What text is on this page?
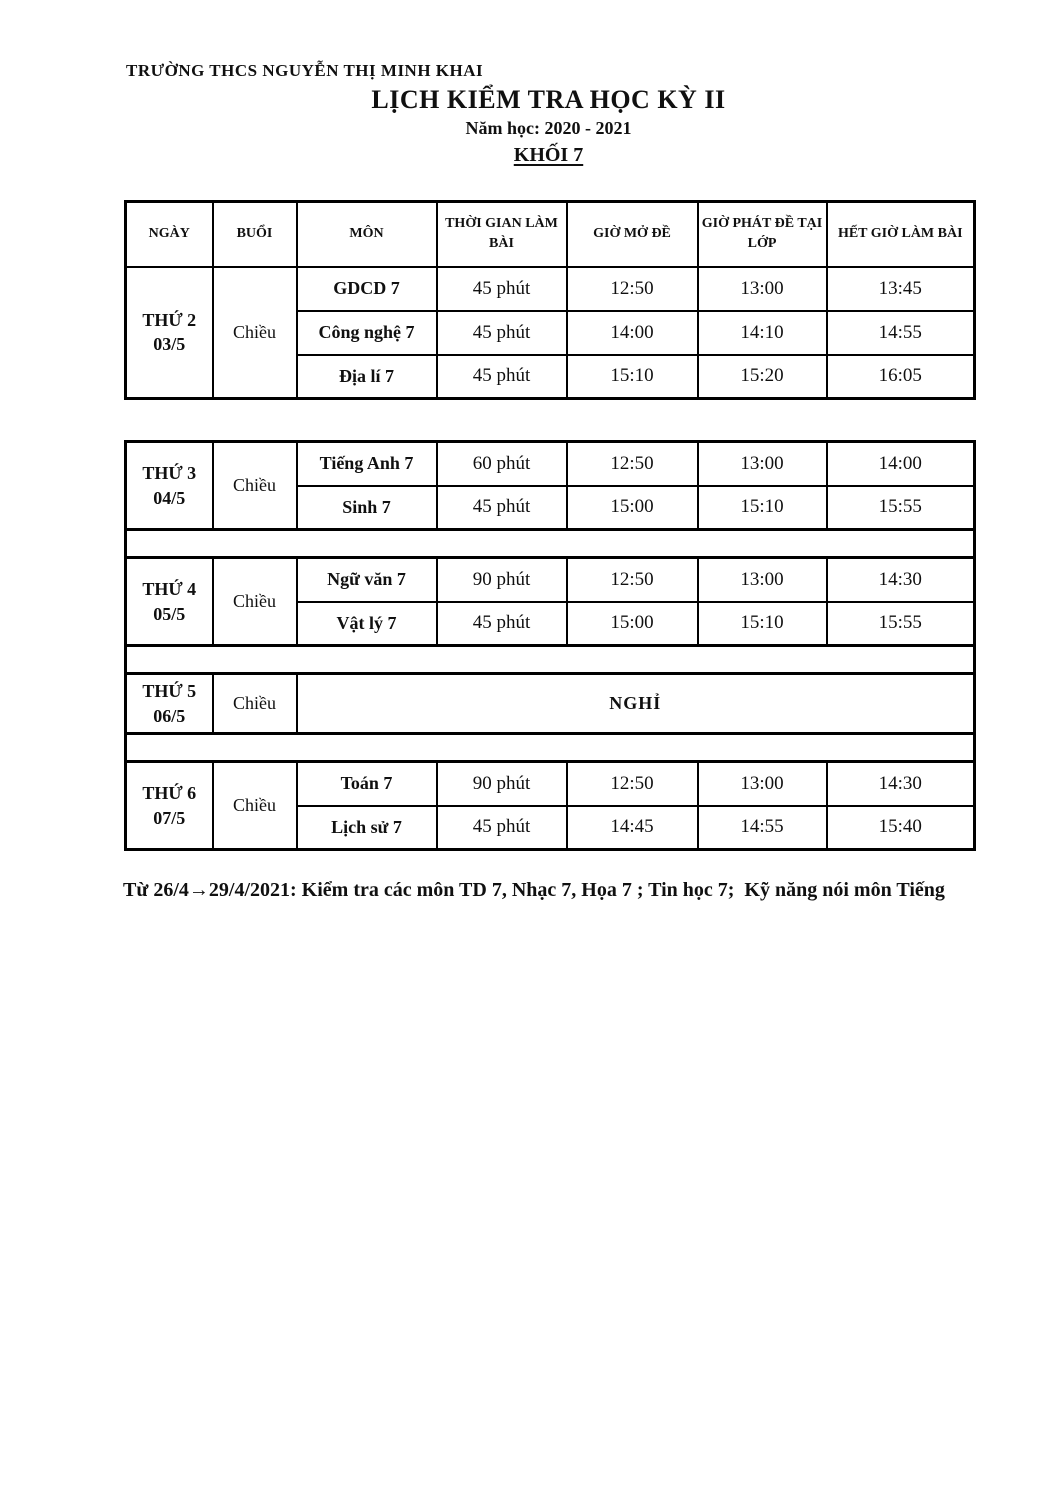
TRƯỜNG THCS NGUYỄN THỊ MINH KHAI
LỊCH KIỂM TRA HỌC KỲ II
Năm học: 2020 - 2021
KHỐI 7
NGÀY	BUỔI	MÔN	THỜI GIAN LÀM BÀI	GIỜ MỞ ĐỀ	GIỜ PHÁT ĐỀ TẠI LỚP	HẾT GIỜ LÀM BÀI

THỨ 2
03/5	Chiều	GDCD 7	45 phút	12:50	13:00	13:45
		Công nghệ 7	45 phút	14:00	14:10	14:55
		Địa lí 7	45 phút	15:10	15:20	16:05
THỨ 3
04/5	Chiều	Tiếng Anh 7	60 phút	12:50	13:00	14:00
		Sinh 7	45 phút	15:00	15:10	15:55

THỨ 4
05/5	Chiều	Ngữ văn 7	90 phút	12:50	13:00	14:30
		Vật lý 7	45 phút	15:00	15:10	15:55

THỨ 5
06/5	Chiều	NGHỈ				

THỨ 6
07/5	Chiều	Toán 7	90 phút	12:50	13:00	14:30
		Lịch sử 7	45 phút	14:45	14:55	15:40
Từ 26/4→29/4/2021: Kiểm tra các môn TD 7, Nhạc 7, Họa 7 ; Tin học 7;  Kỹ năng nói môn Tiếng
